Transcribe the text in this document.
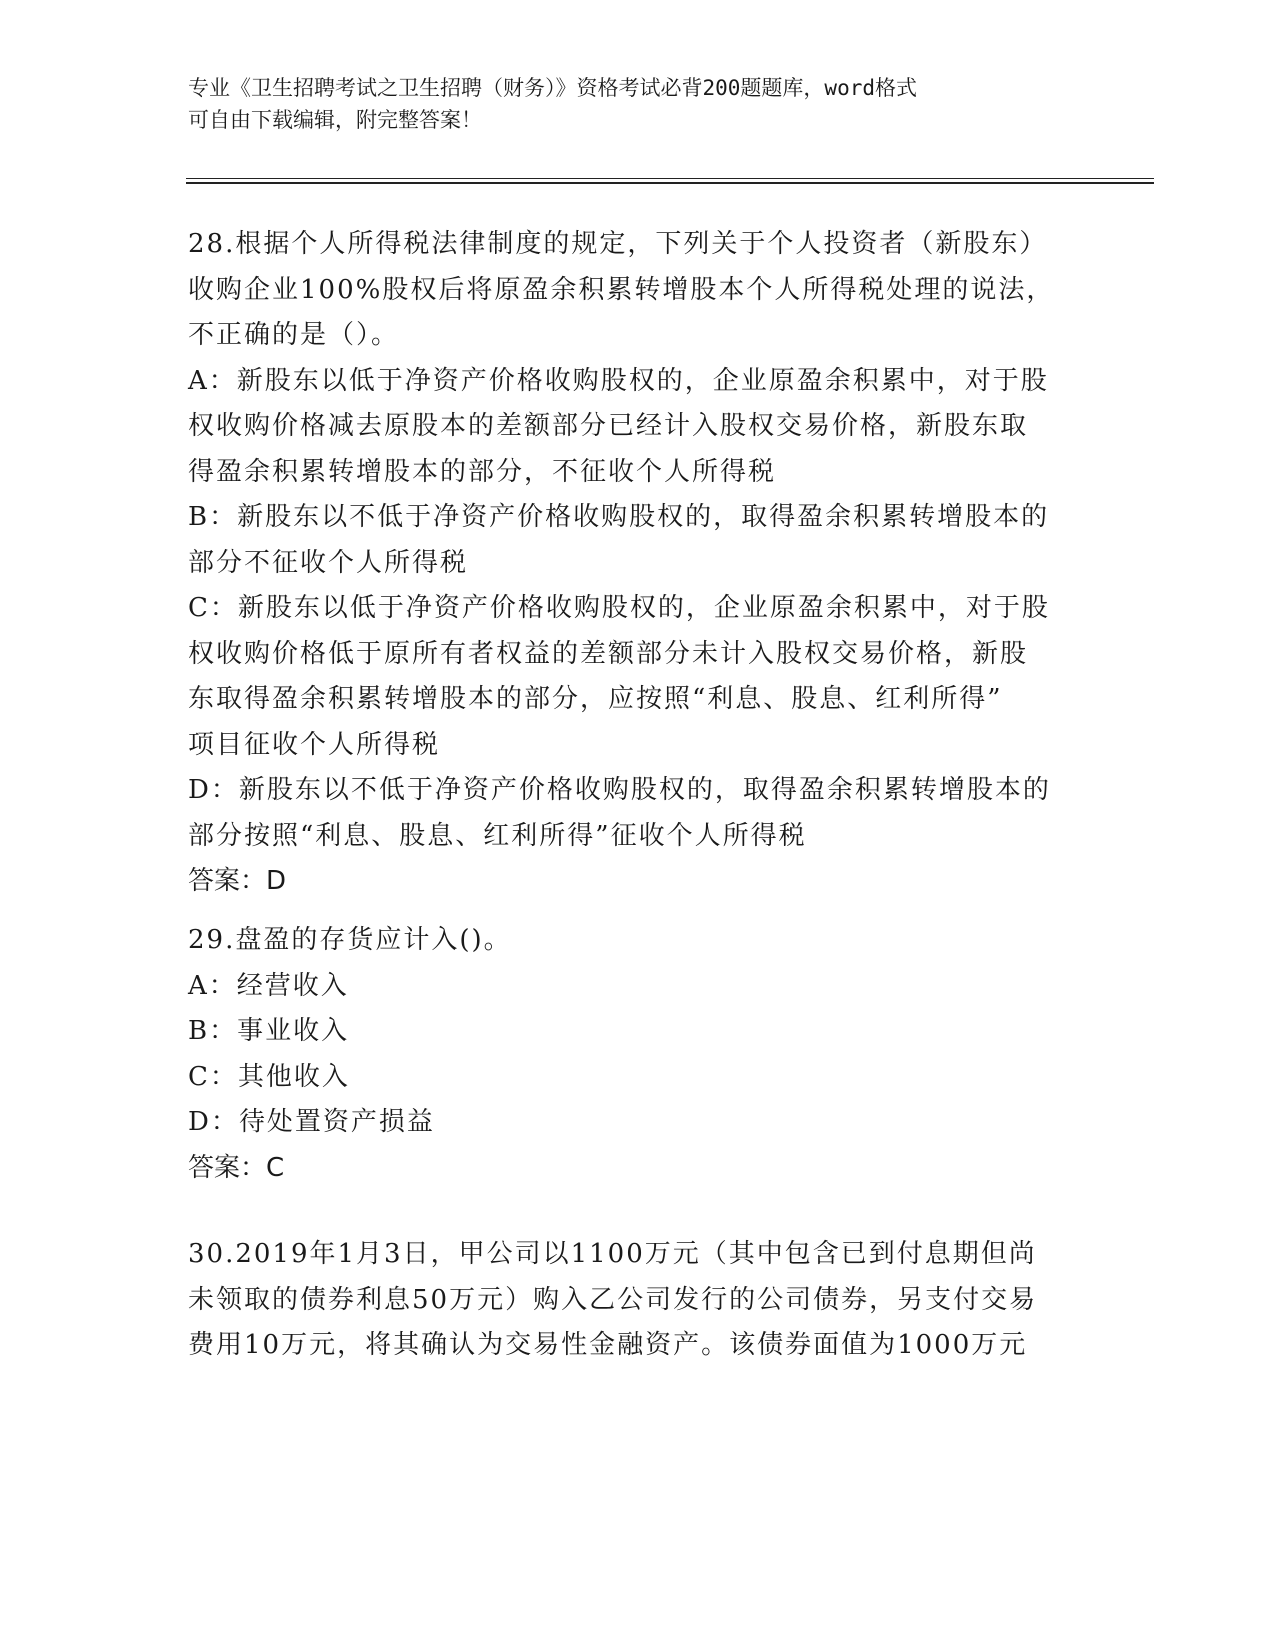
专业《卫生招聘考试之卫生招聘（财务）》资格考试必背200题题库，word格式
可自由下载编辑，附完整答案！
28.根据个人所得税法律制度的规定，下列关于个人投资者（新股东）
收购企业100%股权后将原盈余积累转增股本个人所得税处理的说法，
不正确的是（）。
A：新股东以低于净资产价格收购股权的，企业原盈余积累中，对于股
权收购价格减去原股本的差额部分已经计入股权交易价格，新股东取
得盈余积累转增股本的部分，不征收个人所得税
B：新股东以不低于净资产价格收购股权的，取得盈余积累转增股本的
部分不征收个人所得税
C：新股东以低于净资产价格收购股权的，企业原盈余积累中，对于股
权收购价格低于原所有者权益的差额部分未计入股权交易价格，新股
东取得盈余积累转增股本的部分，应按照“利息、股息、红利所得”
项目征收个人所得税
D：新股东以不低于净资产价格收购股权的，取得盈余积累转增股本的
部分按照“利息、股息、红利所得”征收个人所得税
答案：D
29.盘盈的存货应计入()。
A：经营收入
B：事业收入
C：其他收入
D：待处置资产损益
答案：C
30.2019年1月3日，甲公司以1100万元（其中包含已到付息期但尚
未领取的债券利息50万元）购入乙公司发行的公司债券，另支付交易
费用10万元，将其确认为交易性金融资产。该债券面值为1000万元
